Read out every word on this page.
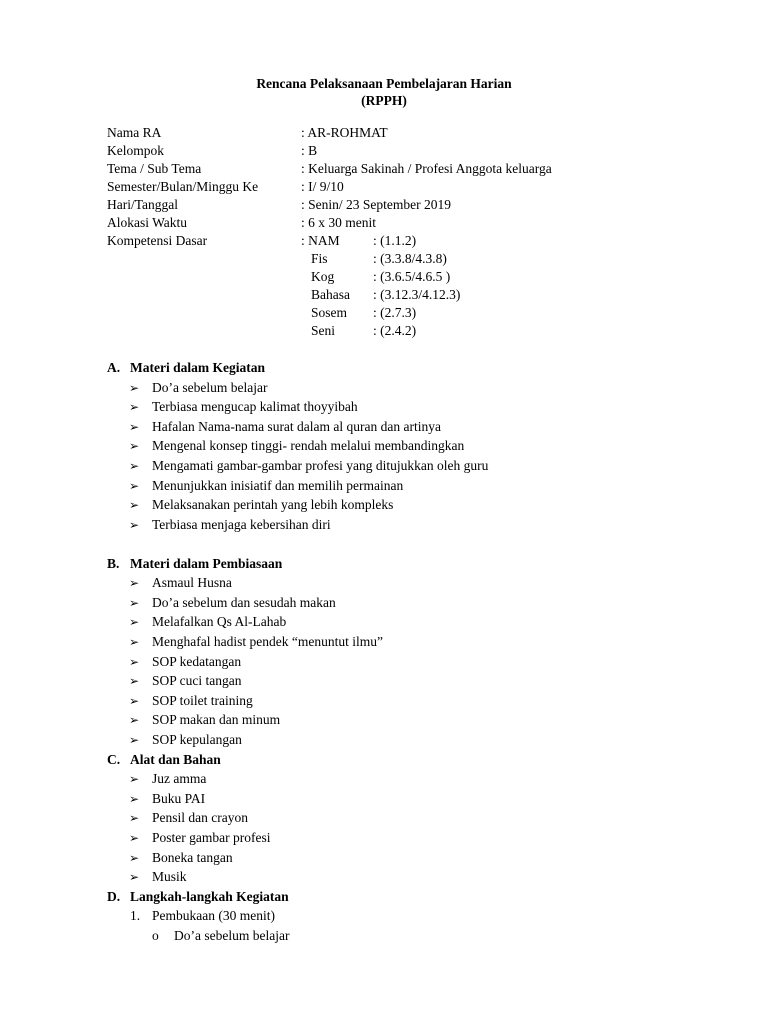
Rencana Pelaksanaan Pembelajaran Harian
(RPPH)
Nama RA	: AR-ROHMAT
Kelompok	: B
Tema / Sub Tema	: Keluarga Sakinah / Profesi Anggota keluarga
Semester/Bulan/Minggu Ke	: I/ 9/10
Hari/Tanggal	: Senin/ 23 September 2019
Alokasi Waktu	: 6 x 30 menit
Kompetensi Dasar	: NAM : (1.1.2)
Fis	: (3.3.8/4.3.8)
Kog	: (3.6.5/4.6.5 )
Bahasa : (3.12.3/4.12.3)
Sosem : (2.7.3)
Seni	: (2.4.2)
A. Materi dalam Kegiatan
➢ Do’a sebelum belajar
➢ Terbiasa mengucap kalimat thoyyibah
➢ Hafalan Nama-nama surat dalam al quran dan artinya
➢ Mengenal konsep tinggi- rendah melalui membandingkan
➢ Mengamati gambar-gambar profesi yang ditujukkan oleh guru
➢ Menunjukkan inisiatif dan memilih permainan
➢ Melaksanakan perintah yang lebih kompleks
➢ Terbiasa menjaga kebersihan diri
B. Materi dalam Pembiasaan
➢ Asmaul Husna
➢ Do’a sebelum dan sesudah makan
➢ Melafalkan Qs Al-Lahab
➢ Menghafal hadist pendek “menuntut ilmu”
➢ SOP kedatangan
➢ SOP cuci tangan
➢ SOP toilet training
➢ SOP makan dan minum
➢ SOP kepulangan
C. Alat dan Bahan
➢ Juz amma
➢ Buku PAI
➢ Pensil dan crayon
➢ Poster gambar profesi
➢ Boneka tangan
➢ Musik
D. Langkah-langkah Kegiatan
1. Pembukaan (30 menit)
o Do’a sebelum belajar
